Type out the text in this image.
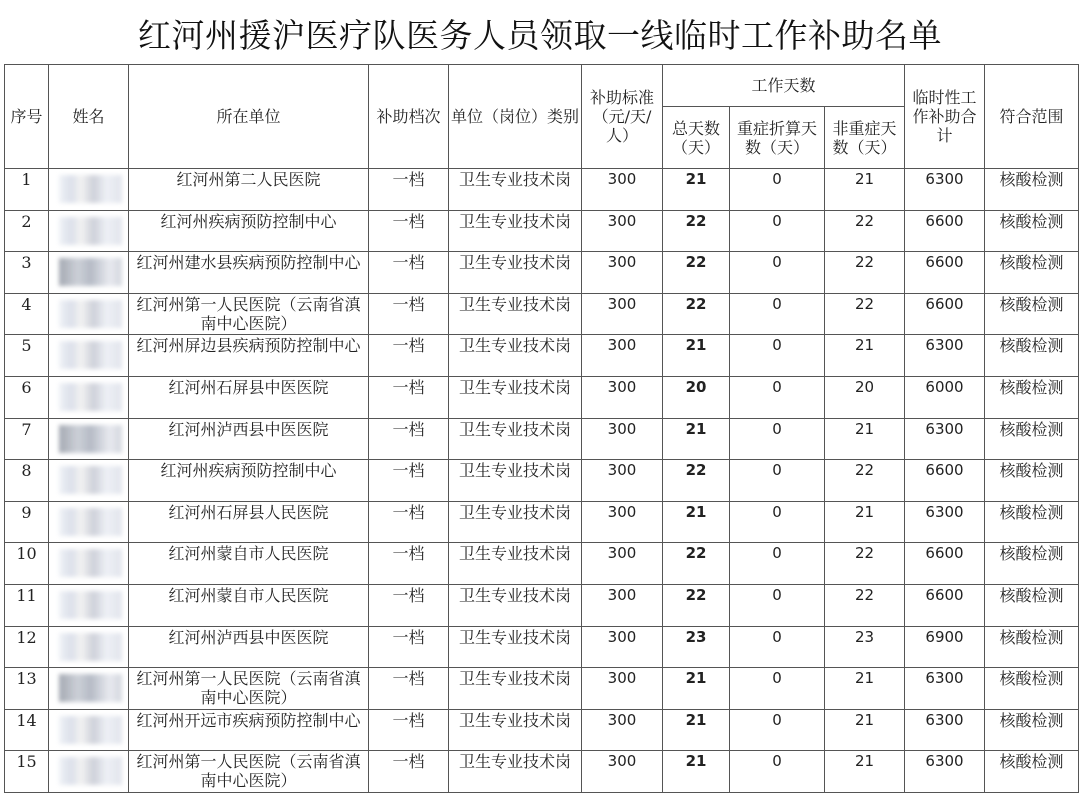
红河州援沪医疗队医务人员领取一线临时工作补助名单
序号	姓名	所在单位	补助档次	单位（岗位）类别	补助标准（元/天/人）	工作天数			临时性工作补助合计	符合范围
						总天数（天）	重症折算天数（天）	非重症天数（天）		
1		红河州第二人民医院	一档	卫生专业技术岗	300	21	0	21	6300	核酸检测
2		红河州疾病预防控制中心	一档	卫生专业技术岗	300	22	0	22	6600	核酸检测
3		红河州建水县疾病预防控制中心	一档	卫生专业技术岗	300	22	0	22	6600	核酸检测
4		红河州第一人民医院（云南省滇南中心医院）	一档	卫生专业技术岗	300	22	0	22	6600	核酸检测
5		红河州屏边县疾病预防控制中心	一档	卫生专业技术岗	300	21	0	21	6300	核酸检测
6		红河州石屏县中医医院	一档	卫生专业技术岗	300	20	0	20	6000	核酸检测
7		红河州泸西县中医医院	一档	卫生专业技术岗	300	21	0	21	6300	核酸检测
8		红河州疾病预防控制中心	一档	卫生专业技术岗	300	22	0	22	6600	核酸检测
9		红河州石屏县人民医院	一档	卫生专业技术岗	300	21	0	21	6300	核酸检测
10		红河州蒙自市人民医院	一档	卫生专业技术岗	300	22	0	22	6600	核酸检测
11		红河州蒙自市人民医院	一档	卫生专业技术岗	300	22	0	22	6600	核酸检测
12		红河州泸西县中医医院	一档	卫生专业技术岗	300	23	0	23	6900	核酸检测
13		红河州第一人民医院（云南省滇南中心医院）	一档	卫生专业技术岗	300	21	0	21	6300	核酸检测
14		红河州开远市疾病预防控制中心	一档	卫生专业技术岗	300	21	0	21	6300	核酸检测
15		红河州第一人民医院（云南省滇南中心医院）	一档	卫生专业技术岗	300	21	0	21	6300	核酸检测
